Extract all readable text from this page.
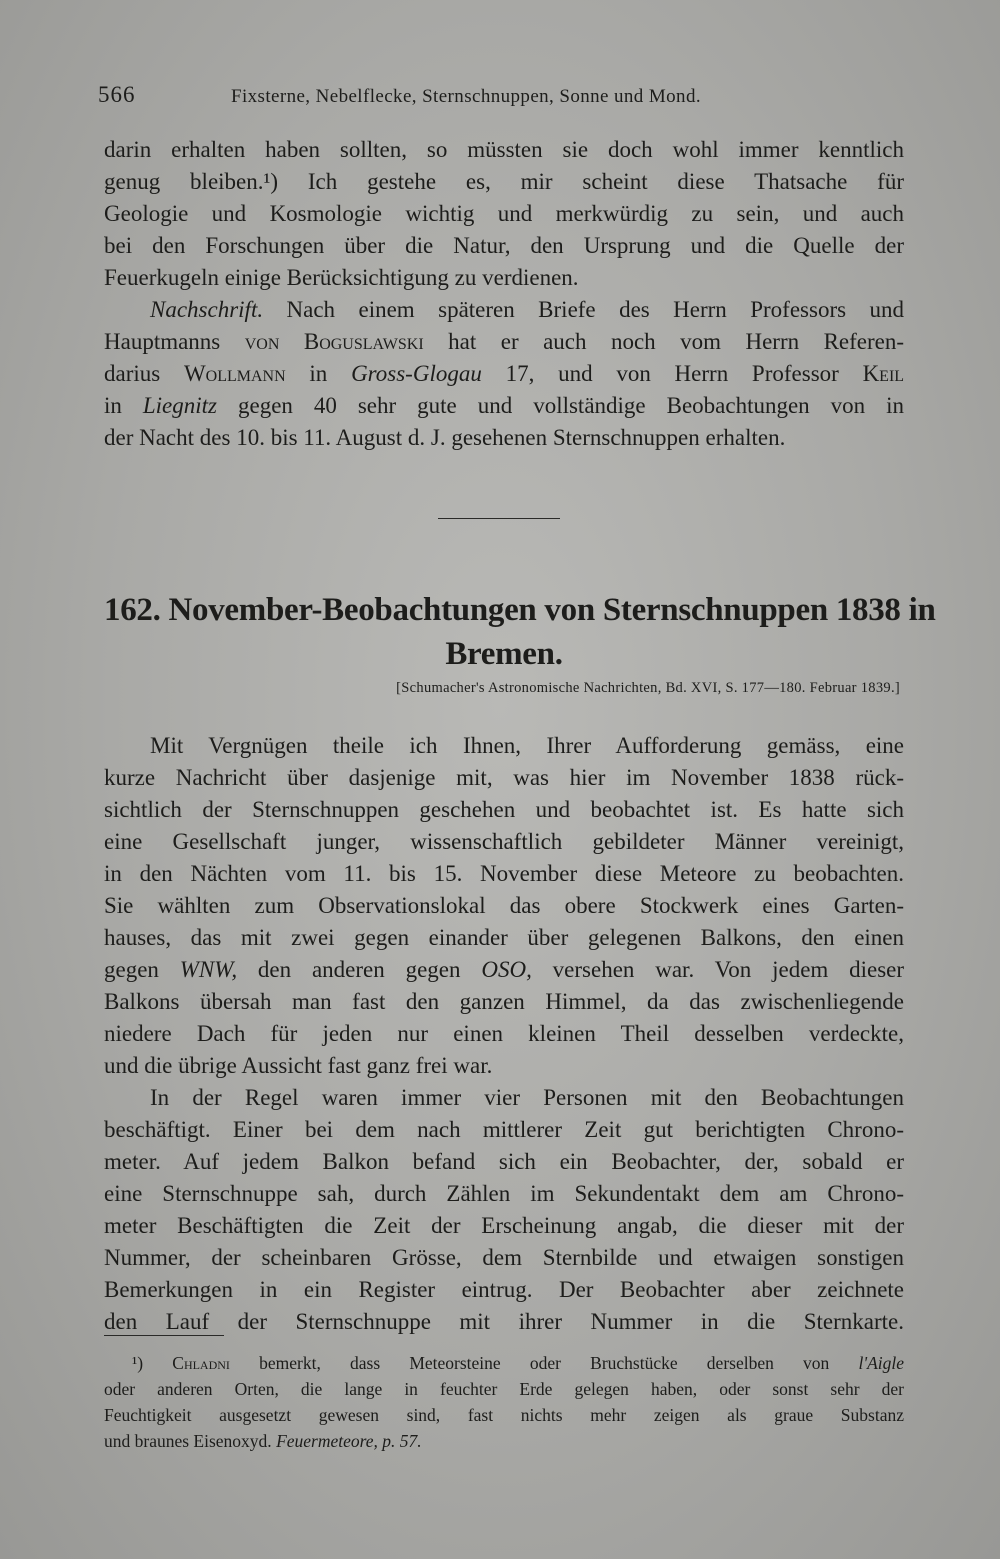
566	Fixsterne, Nebelflecke, Sternschnuppen, Sonne und Mond.
darin erhalten haben sollten, so müssten sie doch wohl immer kenntlich
genug bleiben.¹) Ich gestehe es, mir scheint diese Thatsache für
Geologie und Kosmologie wichtig und merkwürdig zu sein, und auch
bei den Forschungen über die Natur, den Ursprung und die Quelle der
Feuerkugeln einige Berücksichtigung zu verdienen.
Nachschrift. Nach einem späteren Briefe des Herrn Professors und
Hauptmanns von Boguslawski hat er auch noch vom Herrn Referen-
darius Wollmann in Gross-Glogau 17, und von Herrn Professor Keil
in Liegnitz gegen 40 sehr gute und vollständige Beobachtungen von in
der Nacht des 10. bis 11. August d. J. gesehenen Sternschnuppen erhalten.
162. November-Beobachtungen von Sternschnuppen 1838 in
Bremen.
[Schumacher's Astronomische Nachrichten, Bd. XVI, S. 177—180. Februar 1839.]
Mit Vergnügen theile ich Ihnen, Ihrer Aufforderung gemäss, eine
kurze Nachricht über dasjenige mit, was hier im November 1838 rück-
sichtlich der Sternschnuppen geschehen und beobachtet ist. Es hatte sich
eine Gesellschaft junger, wissenschaftlich gebildeter Männer vereinigt,
in den Nächten vom 11. bis 15. November diese Meteore zu beobachten.
Sie wählten zum Observationslokal das obere Stockwerk eines Garten-
hauses, das mit zwei gegen einander über gelegenen Balkons, den einen
gegen WNW, den anderen gegen OSO, versehen war. Von jedem dieser
Balkons übersah man fast den ganzen Himmel, da das zwischenliegende
niedere Dach für jeden nur einen kleinen Theil desselben verdeckte,
und die übrige Aussicht fast ganz frei war.
In der Regel waren immer vier Personen mit den Beobachtungen
beschäftigt. Einer bei dem nach mittlerer Zeit gut berichtigten Chrono-
meter. Auf jedem Balkon befand sich ein Beobachter, der, sobald er
eine Sternschnuppe sah, durch Zählen im Sekundentakt dem am Chrono-
meter Beschäftigten die Zeit der Erscheinung angab, die dieser mit der
Nummer, der scheinbaren Grösse, dem Sternbilde und etwaigen sonstigen
Bemerkungen in ein Register eintrug. Der Beobachter aber zeichnete
den Lauf der Sternschnuppe mit ihrer Nummer in die Sternkarte.
¹) Chladni bemerkt, dass Meteorsteine oder Bruchstücke derselben von l'Aigle
oder anderen Orten, die lange in feuchter Erde gelegen haben, oder sonst sehr der
Feuchtigkeit ausgesetzt gewesen sind, fast nichts mehr zeigen als graue Substanz
und braunes Eisenoxyd. Feuermeteore, p. 57.
